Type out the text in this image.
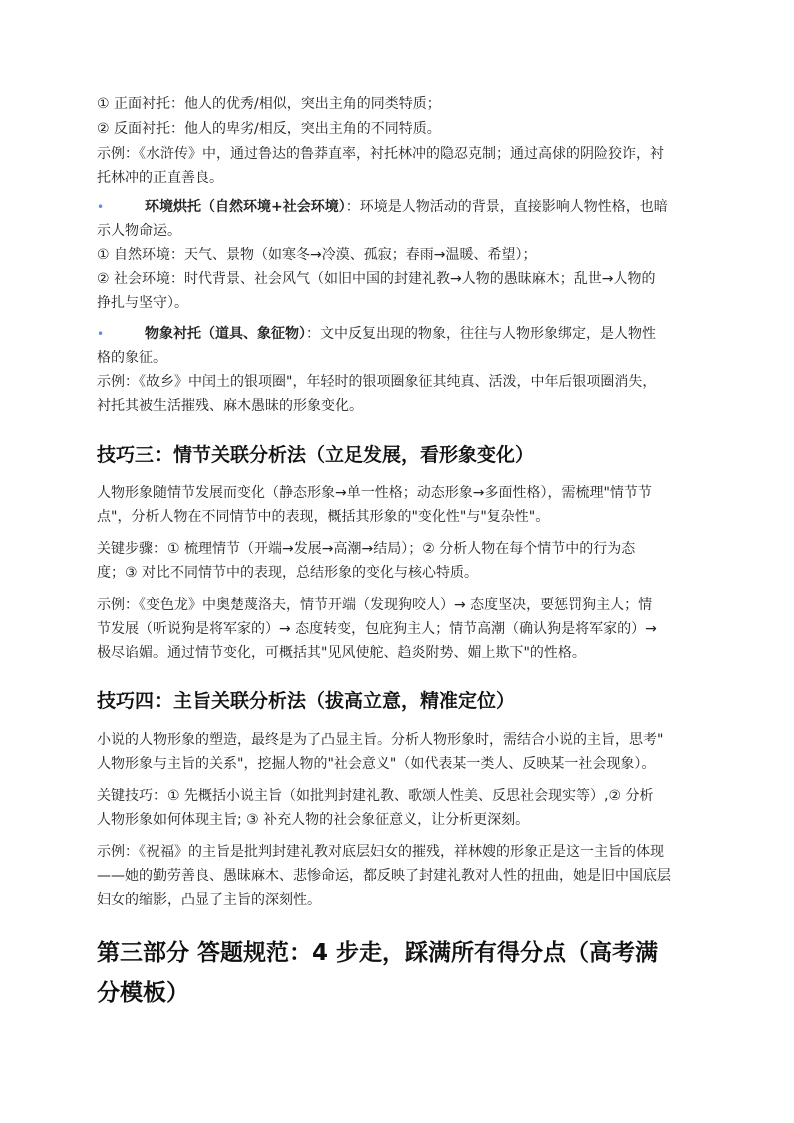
① 正面衬托：他人的优秀/相似，突出主角的同类特质；

② 反面衬托：他人的卑劣/相反，突出主角的不同特质。

示例：《水浒传》中，通过鲁达的鲁莽直率，衬托林冲的隐忍克制；通过高俅的阴险狡诈，衬

托林冲的正直善良。

•	环境烘托（自然环境+社会环境）：环境是人物活动的背景，直接影响人物性格，也暗

示人物命运。

① 自然环境：天气、景物（如寒冬→冷漠、孤寂；春雨→温暖、希望）；

② 社会环境：时代背景、社会风气（如旧中国的封建礼教→人物的愚昧麻木；乱世→人物的

挣扎与坚守）。

•	物象衬托（道具、象征物）：文中反复出现的物象，往往与人物形象绑定，是人物性

格的象征。

示例：《故乡》中闰土的银项圈"，年轻时的银项圈象征其纯真、活泼，中年后银项圈消失，

衬托其被生活摧残、麻木愚昧的形象变化。

技巧三：情节关联分析法（立足发展，看形象变化）

人物形象随情节发展而变化（静态形象→单一性格；动态形象→多面性格），需梳理"情节节

点"，分析人物在不同情节中的表现，概括其形象的"变化性"与"复杂性"。

关键步骤：① 梳理情节（开端→发展→高潮→结局）；② 分析人物在每个情节中的行为态

度；③ 对比不同情节中的表现，总结形象的变化与核心特质。

示例：《变色龙》中奥楚蔑洛夫，情节开端（发现狗咬人）→ 态度坚决，要惩罚狗主人；情

节发展（听说狗是将军家的）→ 态度转变，包庇狗主人；情节高潮（确认狗是将军家的）→

极尽谄媚。通过情节变化，可概括其"见风使舵、趋炎附势、媚上欺下"的性格。

技巧四：主旨关联分析法（拔高立意，精准定位）

小说的人物形象的塑造，最终是为了凸显主旨。分析人物形象时，需结合小说的主旨，思考"

人物形象与主旨的关系"，挖掘人物的"社会意义"（如代表某一类人、反映某一社会现象）。

关键技巧：① 先概括小说主旨（如批判封建礼教、歌颂人性美、反思社会现实等）,② 分析

人物形象如何体现主旨; ③ 补充人物的社会象征意义，让分析更深刻。

示例：《祝福》的主旨是批判封建礼教对底层妇女的摧残，祥林嫂的形象正是这一主旨的体现

——她的勤劳善良、愚昧麻木、悲惨命运，都反映了封建礼教对人性的扭曲，她是旧中国底层

妇女的缩影，凸显了主旨的深刻性。

第三部分 答题规范：4 步走，踩满所有得分点（高考满
分模板）
